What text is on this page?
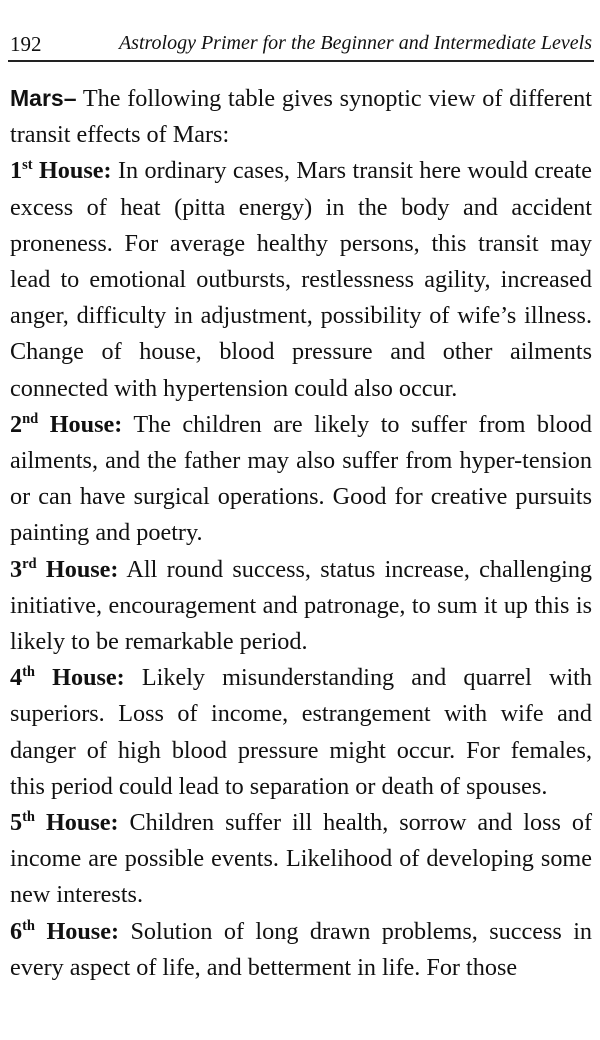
192	Astrology Primer for the Beginner and Intermediate Levels

Mars– The following table gives synoptic view of different transit effects of Mars:

1st House: In ordinary cases, Mars transit here would create excess of heat (pitta energy) in the body and accident proneness. For average healthy persons, this transit may lead to emotional outbursts, restlessness agility, increased anger, difficulty in adjustment, possibility of wife’s illness. Change of house, blood pressure and other ailments connected with hypertension could also occur.

2nd House: The children are likely to suffer from blood ailments, and the father may also suffer from hyper-tension or can have surgical operations. Good for creative pursuits painting and poetry.

3rd House: All round success, status increase, challenging initiative, encouragement and patronage, to sum it up this is likely to be remarkable period.

4th House: Likely misunderstanding and quarrel with superiors. Loss of income, estrangement with wife and danger of high blood pressure might occur. For females, this period could lead to separation or death of spouses.

5th House: Children suffer ill health, sorrow and loss of income are possible events. Likelihood of developing some new interests.

6th House: Solution of long drawn problems, success in every aspect of life, and betterment in life. For those
